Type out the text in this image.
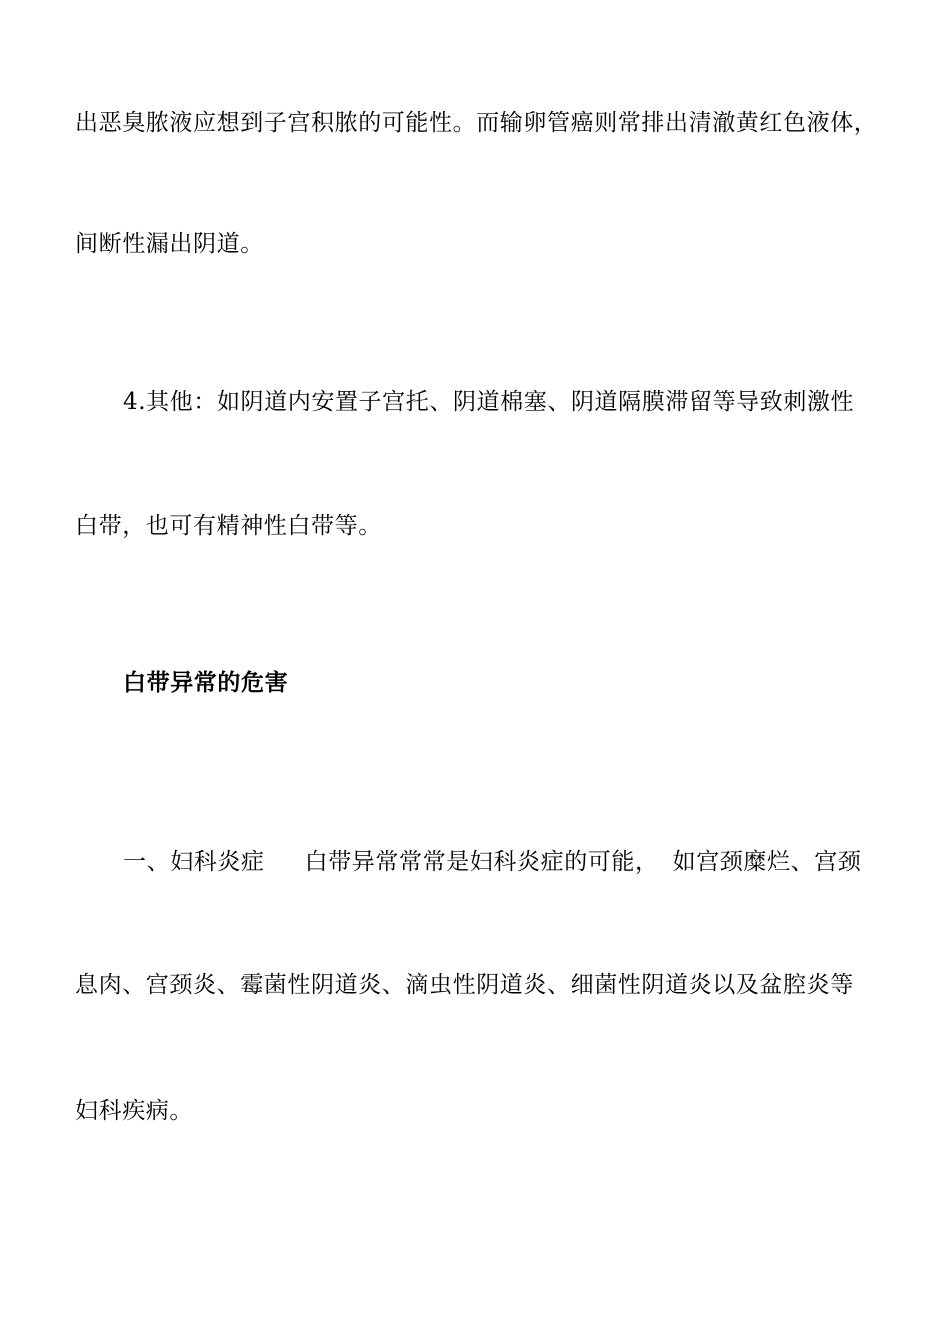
出恶臭脓液应想到子宫积脓的可能性。而输卵管癌则常排出清澈黄红色液体，
间断性漏出阴道。
4.其他：如阴道内安置子宫托、阴道棉塞、阴道隔膜滞留等导致刺激性
白带，也可有精神性白带等。
白带异常的危害
一、妇科炎症 白带异常常常是妇科炎症的可能， 如宫颈糜烂、宫颈
息肉、宫颈炎、霉菌性阴道炎、滴虫性阴道炎、细菌性阴道炎以及盆腔炎等
妇科疾病。
